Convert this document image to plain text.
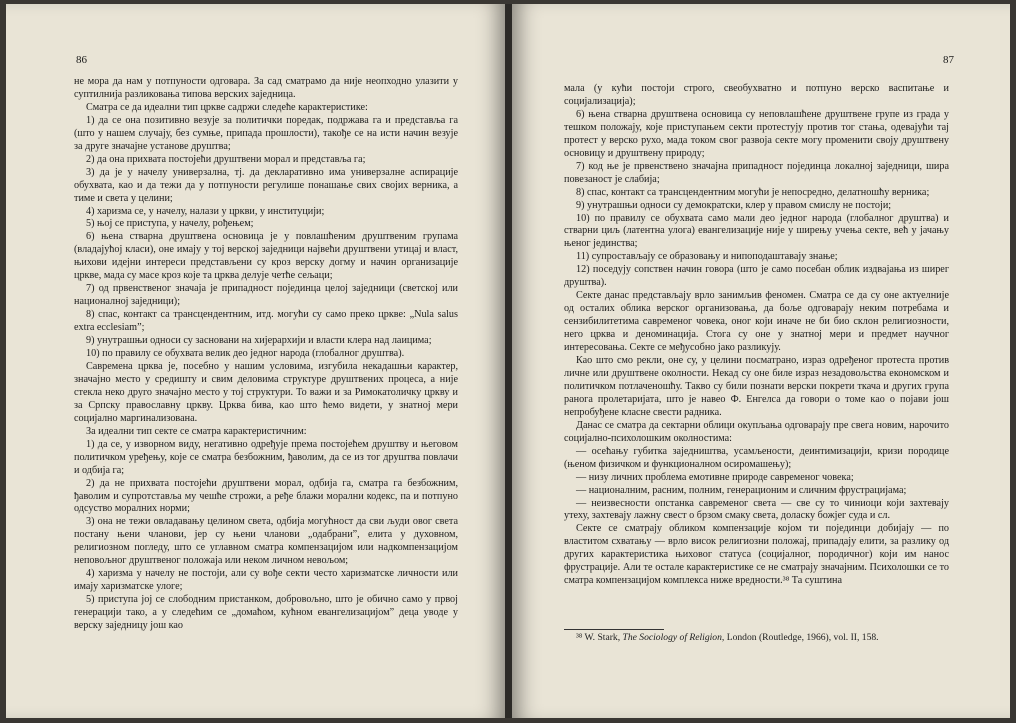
86

не мора да нам у потпуности одговара. За сад сматрамо да није неопходно улазити у суптилнија разликовања типова верских заједница.

Сматра се да идеални тип цркве садржи следеће карактеристике:

1) да се она позитивно везује за политички поредак, подржава га и представља га (што у нашем случају, без сумње, припада прошлости), такође се на исти начин везује за друге значајне установе друштва;

2) да она прихвата постојећи друштвени морал и представља га;

3) да је у начелу универзална, тј. да декларативно има универзалне аспирације обухвата, као и да тежи да у потпуности регулише понашање свих својих верника, а тиме и света у целини;

4) харизма се, у начелу, налази у цркви, у институцији;

5) њој се приступа, у начелу, рођењем;

6) њена стварна друштвена основица је у повлашћеним друштвеним групама (владајућој класи), оне имају у тој верској заједници највећи друштвени утицај и власт, њихови идејни интереси представљени су кроз верску догму и начин организације цркве, мада су масе кроз које та црква делује четће сељаци;

7) од првенственог значаја је припадност појединца целој заједници (светској или националној заједници);

8) спас, контакт са трансцендентним, итд. могући су само преко цркве: „Nula salus extra ecclesiam”;

9) унутрашњи односи су засновани на хијерархији и власти клера над лаицима;

10) по правилу се обухвата велик део једног народа (глобалног друштва).

Савремена црква је, посебно у нашим условима, изгубила некадашњи карактер, значајно место у средишту и свим деловима структуре друштвених процеса, а није стекла неко друго значајно место у тој структури. То важи и за Римокатоличку цркву и за Српску православну цркву. Црква бива, као што ћемо видети, у знатној мери социјално маргинализована.

За идеални тип секте се сматра карактеристичним:

1) да се, у изворном виду, негативно одређује према постојећем друштву и његовом политичком уређењу, које се сматра безбожним, ђаволим, да се из тог друштва повлачи и одбија га;

2) да не прихвата постојећи друштвени морал, одбија га, сматра га безбожним, ђаволим и супротставља му чешће строжи, а ређе блажи морални кодекс, па и потпуно одсуство моралних норми;

3) она не тежи овладавању целином света, одбија могућност да сви људи овог света постану њени чланови, јер су њени чланови „одабрани”, елита у духовном, религиозном погледу, што се углавном сматра компензацијом или надкомпензацијом неповољног друштвеног положаја или неком личном невољом;

4) харизма у начелу не постоји, али су вође секти често харизматске личности или имају харизматске улоге;

5) приступа јој се слободним пристанком, добровољно, што је обично само у првој генерацији тако, а у следећим се „домаћом, кућном евангелизацијом” деца уводе у верску заједницу још као

87

мала (у кући постоји строго, свеобухватно и потпуно верско васпитање и социјализација);

6) њена стварна друштвена основица су неповлашћене друштвене групе из града у тешком положају, које приступањем секти протестују против тог стања, одевајући тај протест у верско рухо, мада током свог развоја секте могу променити своју друштвену основицу и друштвену природу;

7) код ње је првенствено значајна припадност појединца локалној заједници, шира повезаност је слабија;

8) спас, контакт са трансцендентним могући је непосредно, делатношћу верника;

9) унутрашњи односи су демократски, клер у правом смислу не постоји;

10) по правилу се обухвата само мали део једног народа (глобалног друштва) и стварни циљ (латентна улога) евангелизације није у ширењу учења секте, већ у јачању њеног јединства;

11) супростављају се образовању и нипоподаштавају знање;

12) поседују сопствен начин говора (што је само посебан облик издвајања из ширег друштва).

Секте данас представљају врло занимљив феномен. Сматра се да су оне актуелније од осталих облика верског организовања, да боље одговарају неким потребама и сензибилитетима савременог човека, оног који иначе не би био склон религиозности, него црква и деноминација. Стога су оне у знатној мери и предмет научног интересовања. Секте се међусобно јако разликују.

Као што смо рекли, оне су, у целини посматрано, израз одређеног протеста против личне или друштвене околности. Некад су оне биле израз незадовољства економском и политичком потлаченошћу. Такво су били познати верски покрети ткача и других група ранога пролетаријата, што је навео Ф. Енгелса да говори о томе као о појави још непробуђене класне свести радника.

Данас се сматра да сектарни облици окупљања одговарају пре свега новим, нарочито социјално-психолошким околностима:

— осећању губитка заједништва, усамљености, деинтимизацији, кризи породице (њеном физичком и функционалном осиромашењу);

— низу личних проблема емотивне природе савременог човека;

— националним, расним, полним, генерационим и сличним фрустрацијама;

— неизвесности опстанка савременог света — све су то чиниоци који захтевају утеху, захтевају лажну свест о брзом смаку света, доласку божјег суда и сл.

Секте се сматрају обликом компензације којом ти појединци добијају — по властитом схватању — врло висок религиозни положај, припадају елити, за разлику од других карактеристика њиховог статуса (социјалног, породичног) који им нанос фрустрације. Али те остале карактеристике се не сматрају значајним. Психолошки се то сматра компензацијом комплекса ниже вредности.³⁸ Та суштина

³⁸ W. Stark, The Sociology of Religion, London (Routledge, 1966), vol. II, 158.
